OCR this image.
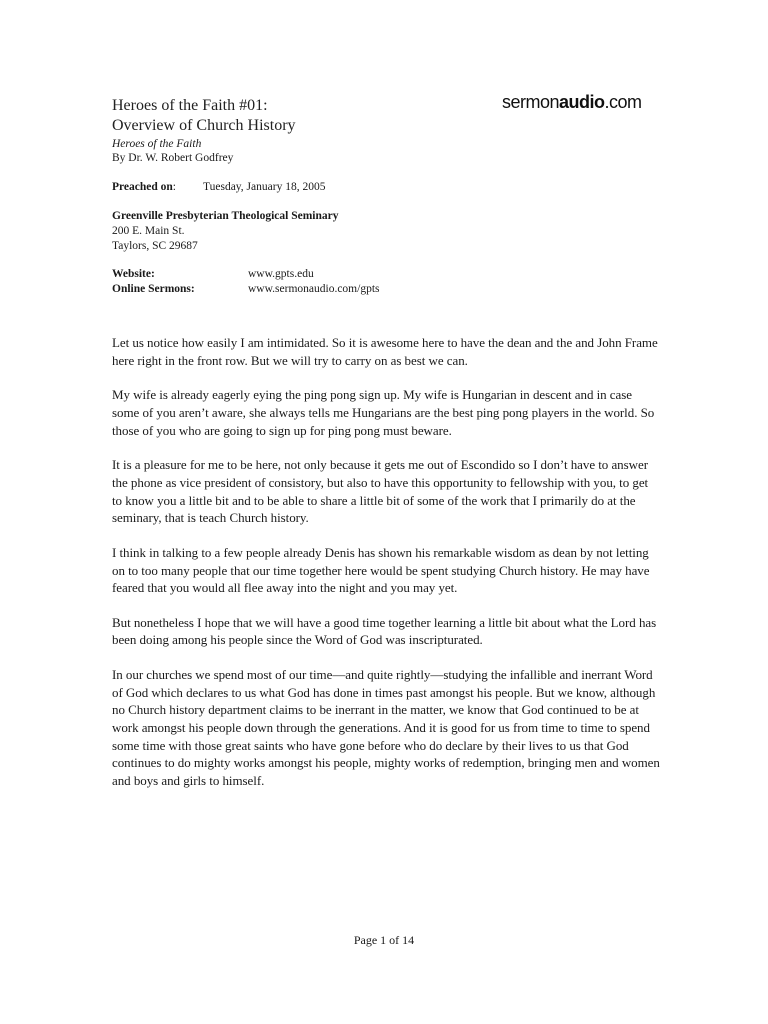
Heroes of the Faith #01:
Overview of Church History
Heroes of the Faith
By Dr. W. Robert Godfrey
sermonaudio.com
Preached on:	Tuesday, January 18, 2005
Greenville Presbyterian Theological Seminary
200 E. Main St.
Taylors, SC 29687
Website:	www.gpts.edu
Online Sermons:	www.sermonaudio.com/gpts

Let us notice how easily I am intimidated. So it is awesome here to have the dean and the and John Frame here right in the front row. But we will try to carry on as best we can.

My wife is already eagerly eying the ping pong sign up. My wife is Hungarian in descent and in case some of you aren’t aware, she always tells me Hungarians are the best ping pong players in the world. So those of you who are going to sign up for ping pong must beware.

It is a pleasure for me to be here, not only because it gets me out of Escondido so I don’t have to answer the phone as vice president of consistory, but also to have this opportunity to fellowship with you, to get to know you a little bit and to be able to share a little bit of some of the work that I primarily do at the seminary, that is teach Church history.

I think in talking to a few people already Denis has shown his remarkable wisdom as dean by not letting on to too many people that our time together here would be spent studying Church history. He may have feared that you would all flee away into the night and you may yet.

But nonetheless I hope that we will have a good time together learning a little bit about what the Lord has been doing among his people since the Word of God was inscripturated.

In our churches we spend most of our time—and quite rightly—studying the infallible and inerrant Word of God which declares to us what God has done in times past amongst his people. But we know, although no Church history department claims to be inerrant in the matter, we know that God continued to be at work amongst his people down through the generations. And it is good for us from time to time to spend some time with those great saints who have gone before who do declare by their lives to us that God continues to do mighty works amongst his people, mighty works of redemption, bringing men and women and boys and girls to himself.

Page 1 of 14
